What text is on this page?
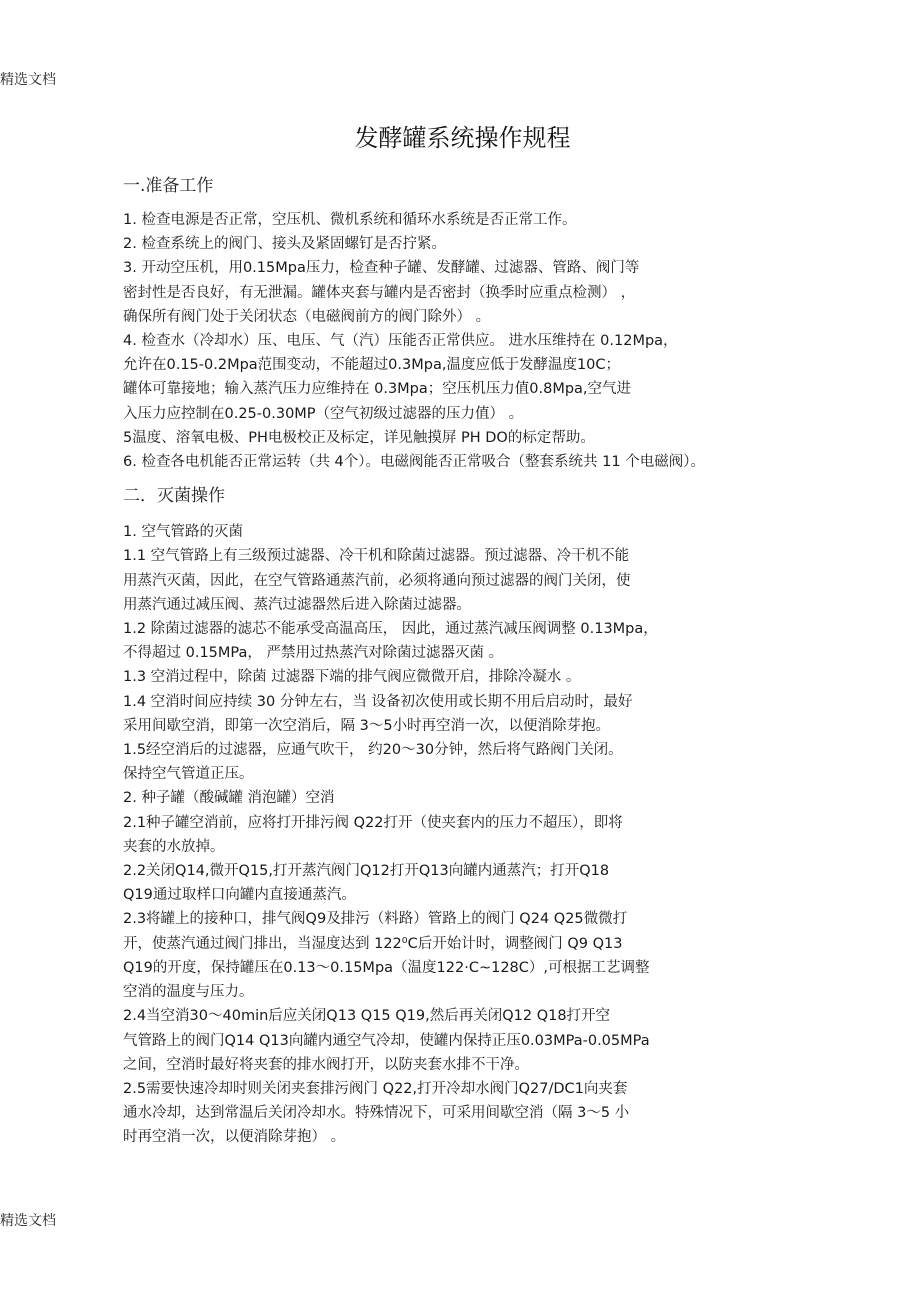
精选文档
发酵罐系统操作规程
一.准备工作
1. 检查电源是否正常，空压机、微机系统和循环水系统是否正常工作。
2. 检查系统上的阀门、接头及紧固螺钉是否拧紧。
3. 开动空压机，用0.15Mpa压力，检查种子罐、发酵罐、过滤器、管路、阀门等
密封性是否良好，有无泄漏。罐体夹套与罐内是否密封（换季时应重点检测） ，
确保所有阀门处于关闭状态（电磁阀前方的阀门除外） 。
4. 检查水（冷却水）压、电压、气（汽）压能否正常供应。 进水压维持在 0.12Mpa，
允许在0.15-0.2Mpa范围变动，不能超过0.3Mpa,温度应低于发酵温度10C；
罐体可靠接地；输入蒸汽压力应维持在 0.3Mpa；空压机压力值0.8Mpa,空气进
入压力应控制在0.25-0.30MP（空气初级过滤器的压力值） 。
5温度、溶氧电极、PH电极校正及标定，详见触摸屏 PH DO的标定帮助。
6. 检查各电机能否正常运转（共 4个）。电磁阀能否正常吸合（整套系统共 11 个电磁阀）。
二．灭菌操作
1. 空气管路的灭菌
1.1 空气管路上有三级预过滤器、冷干机和除菌过滤器。预过滤器、冷干机不能
用蒸汽灭菌，因此，在空气管路通蒸汽前，必须将通向预过滤器的阀门关闭，使
用蒸汽通过减压阀、蒸汽过滤器然后进入除菌过滤器。
1.2 除菌过滤器的滤芯不能承受高温高压， 因此，通过蒸汽减压阀调整 0.13Mpa，
不得超过 0.15MPa， 严禁用过热蒸汽对除菌过滤器灭菌 。
1.3 空消过程中，除菌 过滤器下端的排气阀应微微开启，排除冷凝水 。
1.4 空消时间应持续 30 分钟左右，当 设备初次使用或长期不用后启动时，最好
采用间歇空消，即第一次空消后，隔 3～5小时再空消一次，以便消除芽抱。
1.5经空消后的过滤器，应通气吹干， 约20～30分钟，然后将气路阀门关闭。
保持空气管道正压。
2. 种子罐（酸碱罐 消泡罐）空消
2.1种子罐空消前，应将打开排污阀 Q22打开（使夹套内的压力不超压），即将
夹套的水放掉。
2.2关闭Q14,微开Q15,打开蒸汽阀门Q12打开Q13向罐内通蒸汽；打开Q18
Q19通过取样口向罐内直接通蒸汽。
2.3将罐上的接种口，排气阀Q9及排污（料路）管路上的阀门 Q24 Q25微微打
开，使蒸汽通过阀门排出，当湿度达到 122⁰C后开始计时，调整阀门 Q9 Q13
Q19的开度，保持罐压在0.13～0.15Mpa（温度122·C~128C）,可根据工艺调整
空消的温度与压力。
2.4当空消30～40min后应关闭Q13 Q15 Q19,然后再关闭Q12 Q18打开空
气管路上的阀门Q14 Q13向罐内通空气冷却，使罐内保持正压0.03MPa-0.05MPa
之间，空消时最好将夹套的排水阀打开，以防夹套水排不干净。
2.5需要快速冷却时则关闭夹套排污阀门 Q22,打开冷却水阀门Q27/DC1向夹套
通水冷却，达到常温后关闭冷却水。特殊情况下，可采用间歇空消（隔 3～5 小
时再空消一次，以便消除芽抱） 。
精选文档
